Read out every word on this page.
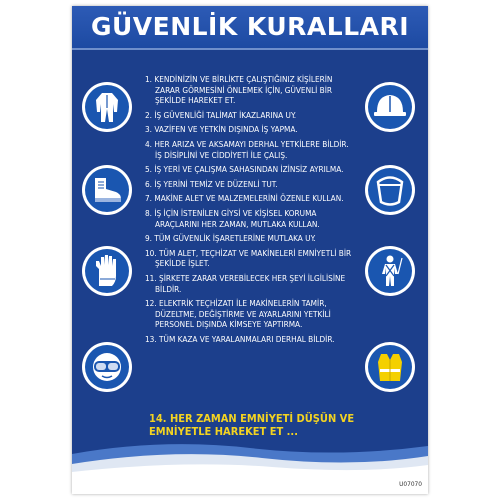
GÜVENLİK KURALLARI
1. KENDİNİZİN VE BİRLİKTE ÇALIŞTIĞINIZ KİŞİLERİN ZARAR GÖRMESİNİ ÖNLEMEK İÇİN, GÜVENLİ BİR ŞEKİLDE HAREKET ET.
2. İŞ GÜVENLİĞİ TALİMAT İKAZLARINA UY.
3. VAZİFEN VE YETKİN DIŞINDA İŞ YAPMA.
4. HER ARIZA VE AKSAMAYI DERHAL YETKİLERE BİLDİR. İŞ DİSİPLİNİ VE CİDDİYETİ İLE ÇALIŞ.
5. İŞ YERİ VE ÇALIŞMA SAHASINDAN İZİNSİZ AYRILMA.
6. İŞ YERİNİ TEMİZ VE DÜZENLİ TUT.
7. MAKİNE ALET VE MALZEMELERİNİ ÖZENLE KULLAN.
8. İŞ İÇİN İSTENİLEN GİYSİ VE KİŞİSEL KORUMA ARAÇLARINI HER ZAMAN, MUTLAKA KULLAN.
9. TÜM GÜVENLİK İŞARETLERİNE MUTLAKA UY.
10. TÜM ALET, TEÇHİZAT VE MAKİNELERİ EMNİYETLİ BİR ŞEKİLDE İŞLET.
11. ŞİRKETE ZARAR VEREBİLECEK HER ŞEYİ İLGİLİSİNE BİLDİR.
12. ELEKTRİK TEÇHİZATI İLE MAKİNELERİN TAMİR, DÜZELTME, DEĞİŞTİRME VE AYARLARINI YETKİLİ PERSONEL DIŞINDA KİMSEYE YAPTIRMA.
13. TÜM KAZA VE YARALANMALARI DERHAL BİLDİR.
14. HER ZAMAN EMNİYETİ DÜŞÜN VE EMNİYETLE HAREKET ET ...
U07070
